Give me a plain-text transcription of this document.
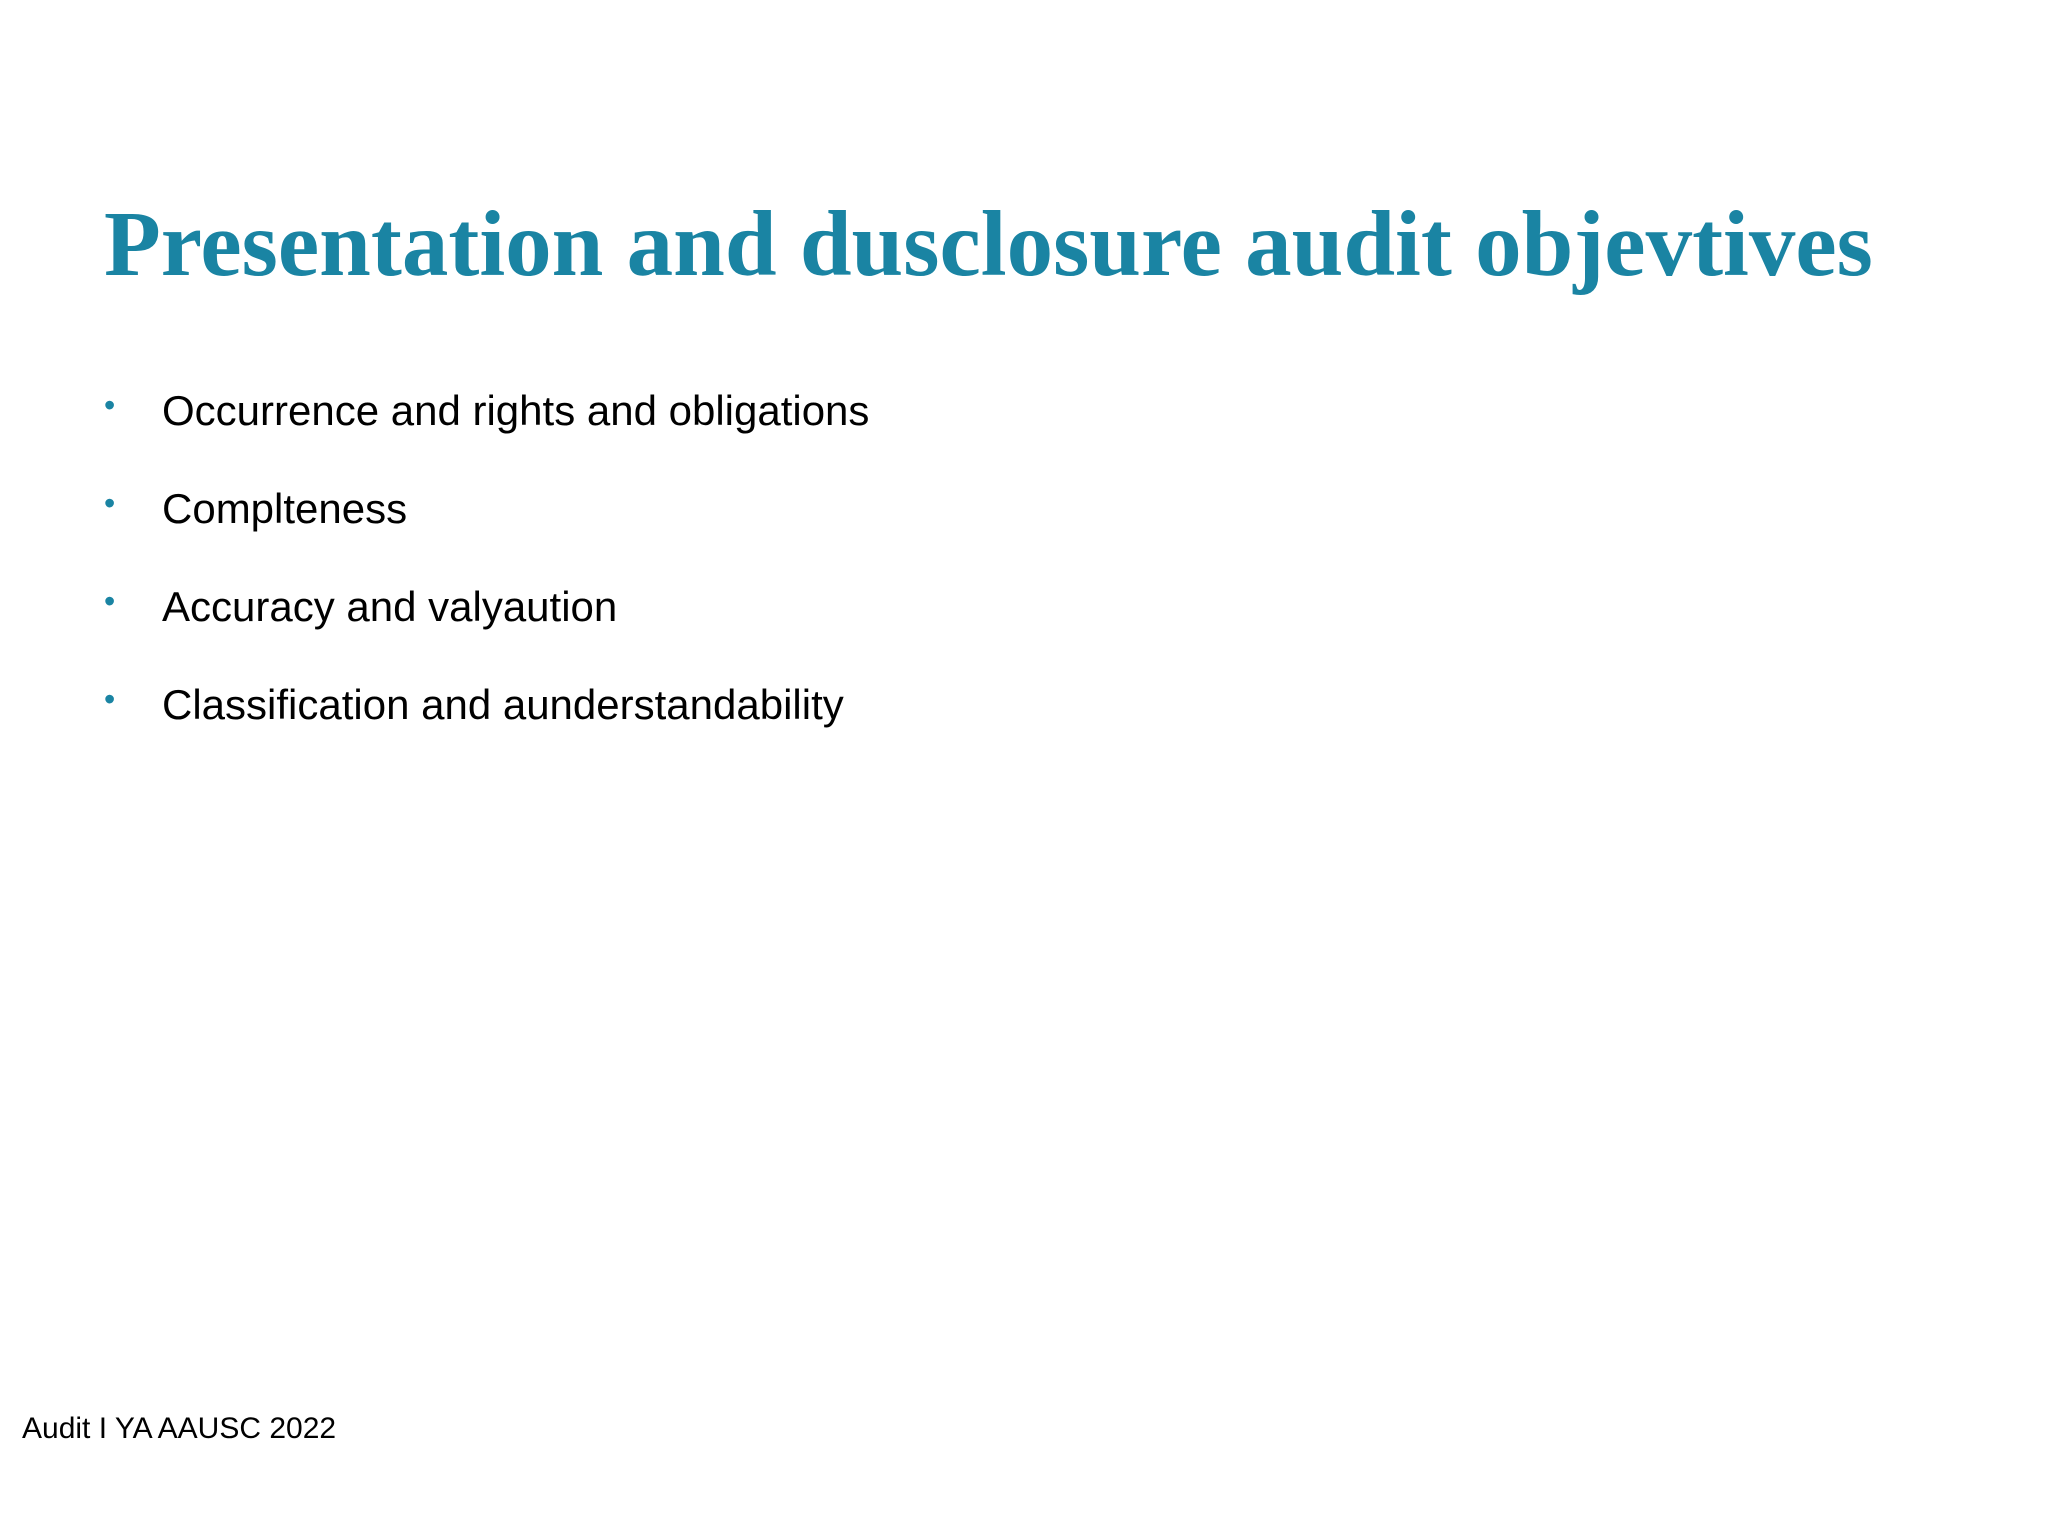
Presentation and dusclosure audit objevtives
•	Occurrence and rights and obligations
•	Complteness
•	Accuracy and valyaution
•	Classification and aunderstandability
Audit I YA AAUSC 2022
